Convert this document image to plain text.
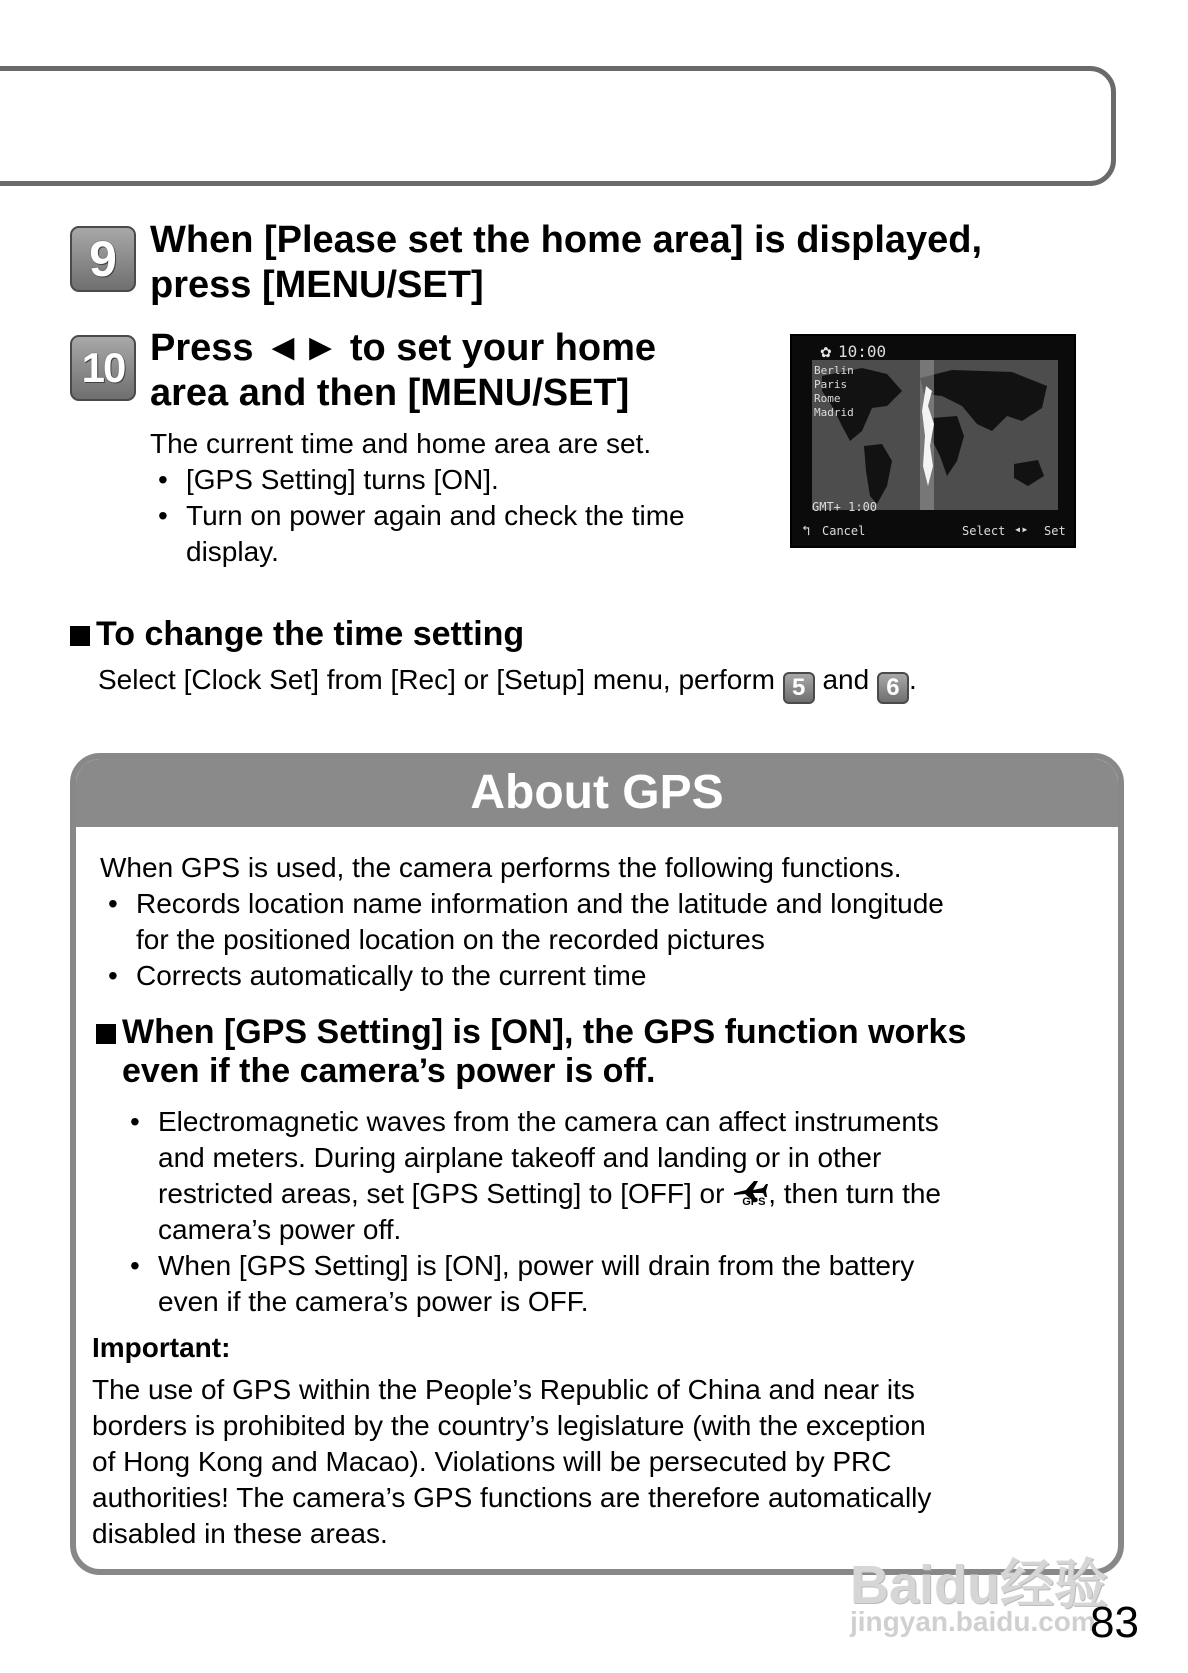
9 When [Please set the home area] is displayed,

press [MENU/SET]

10 Press ◄► to set your home

area and then [MENU/SET]

The current time and home area are set.

• [GPS Setting] turns [ON].
• Turn on power again and check the time

display.

✿ 10:00
Berlin
Paris
Rome
Madrid
GMT+ 1:00
↰ Cancel	Select ◂▸ Set

To change the time setting

Select [Clock Set] from [Rec] or [Setup] menu, perform 5 and 6 .

About GPS

When GPS is used, the camera performs the following functions.

• Records location name information and the latitude and longitude

for the positioned location on the recorded pictures

• Corrects automatically to the current time

When [GPS Setting] is [ON], the GPS function works

even if the camera’s power is off.

• Electromagnetic waves from the camera can affect instruments

and meters. During airplane takeoff and landing or in other

restricted areas, set [GPS Setting] to [OFF] or GPS , then turn the

camera’s power off.

• When [GPS Setting] is [ON], power will drain from the battery

even if the camera’s power is OFF.

Important:

The use of GPS within the People’s Republic of China and near its

borders is prohibited by the country’s legislature (with the exception

of Hong Kong and Macao). Violations will be persecuted by PRC

authorities! The camera’s GPS functions are therefore automatically

disabled in these areas.

Baidu经验
jingyan.baidu.com
83
